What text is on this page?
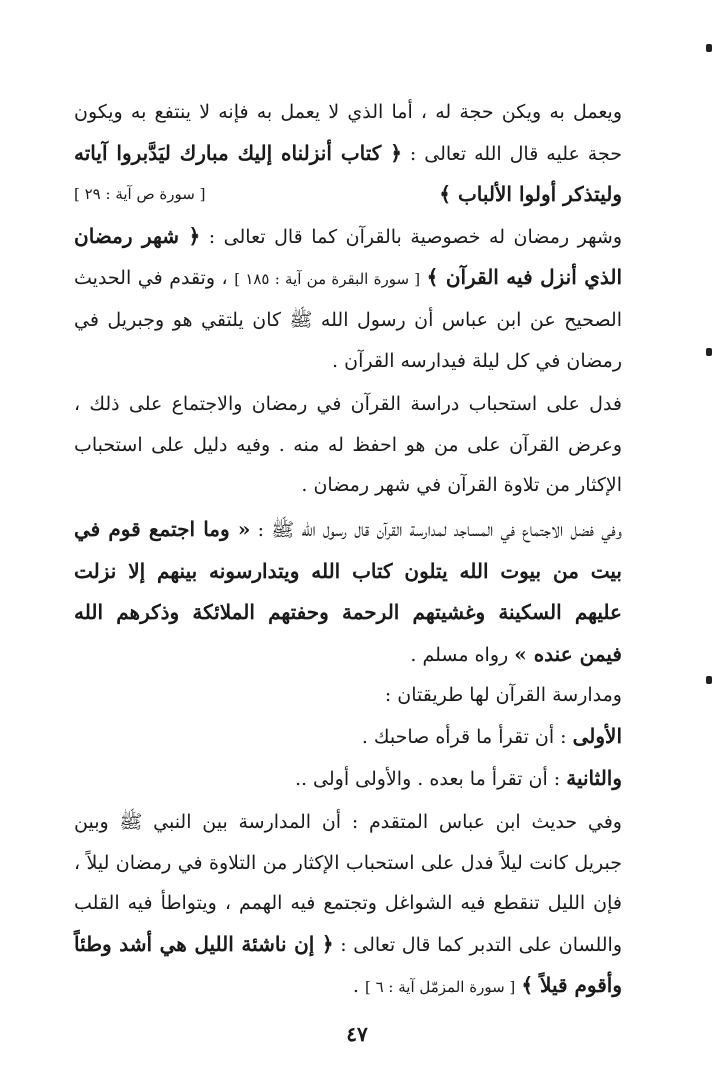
ويعمل به ويكن حجة له ، أما الذي لا يعمل به فإنه لا ينتفع به ويكون حجة عليه قال الله تعالى : ﴿ كتاب أنزلناه إليك مبارك ليَدَّبروا آياته وليتذكر أولوا الألباب ﴾
[ سورة ص آية : ٢٩ ]

وشهر رمضان له خصوصية بالقرآن كما قال تعالى : ﴿ شهر رمضان الذي أنزل فيه القرآن ﴾ [ سورة البقرة من آية : ١٨٥ ] ، وتقدم في الحديث الصحيح عن ابن عباس أن رسول الله ﷺ كان يلتقي هو وجبريل في رمضان في كل ليلة فيدارسه القرآن .

فدل على استحباب دراسة القرآن في رمضان والاجتماع على ذلك ، وعرض القرآن على من هو احفظ له منه . وفيه دليل على استحباب الإكثار من تلاوة القرآن في شهر رمضان .

وفي فضل الاجتماع في المساجد لمدارسة القرآن قال رسول الله ﷺ : « وما اجتمع قوم في بيت من بيوت الله يتلون كتاب الله ويتدارسونه بينهم إلا نزلت عليهم السكينة وغشيتهم الرحمة وحفتهم الملائكة وذكرهم الله فيمن عنده » رواه مسلم .

ومدارسة القرآن لها طريقتان :

الأولى : أن تقرأ ما قرأه صاحبك .

والثانية : أن تقرأ ما بعده . والأولى أولى ..

وفي حديث ابن عباس المتقدم : أن المدارسة بين النبي ﷺ وبين جبريل كانت ليلاً فدل على استحباب الإكثار من التلاوة في رمضان ليلاً ، فإن الليل تنقطع فيه الشواغل وتجتمع فيه الهمم ، ويتواطأ فيه القلب واللسان على التدبر كما قال تعالى : ﴿ إن ناشئة الليل هي أشد وطئاً وأقوم قيلاً ﴾ [ سورة المزمّل آية : ٦ ] .

٤٧
